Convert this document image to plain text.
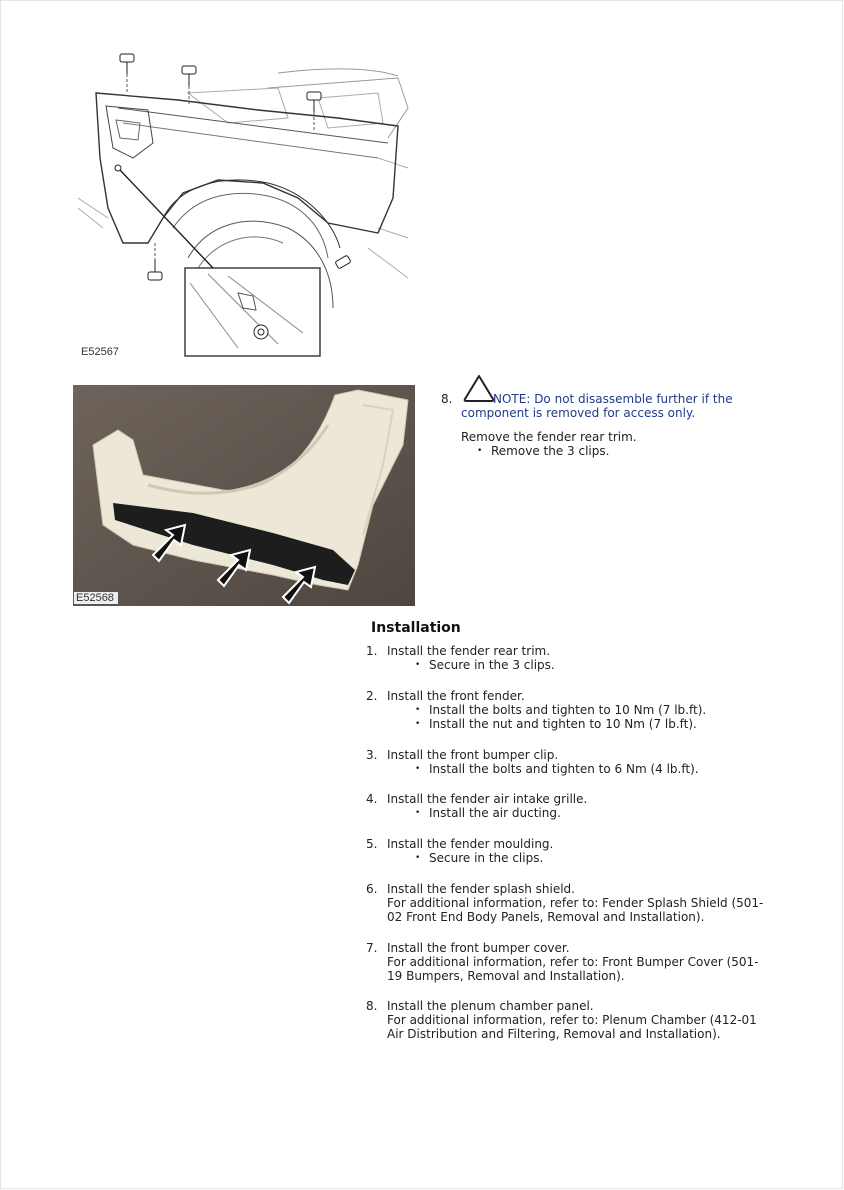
E52567
E52568
8.	NOTE: Do not disassemble further if the component is removed for access only.
Remove the fender rear trim.
• Remove the 3 clips.
Installation
1. Install the fender rear trim.
• Secure in the 3 clips.
2. Install the front fender.
• Install the bolts and tighten to 10 Nm (7 lb.ft).
• Install the nut and tighten to 10 Nm (7 lb.ft).
3. Install the front bumper clip.
• Install the bolts and tighten to 6 Nm (4 lb.ft).
4. Install the fender air intake grille.
• Install the air ducting.
5. Install the fender moulding.
• Secure in the clips.
6. Install the fender splash shield.
For additional information, refer to: Fender Splash Shield (501-
02 Front End Body Panels, Removal and Installation).
7. Install the front bumper cover.
For additional information, refer to: Front Bumper Cover (501-
19 Bumpers, Removal and Installation).
8. Install the plenum chamber panel.
For additional information, refer to: Plenum Chamber (412-01
Air Distribution and Filtering, Removal and Installation).
